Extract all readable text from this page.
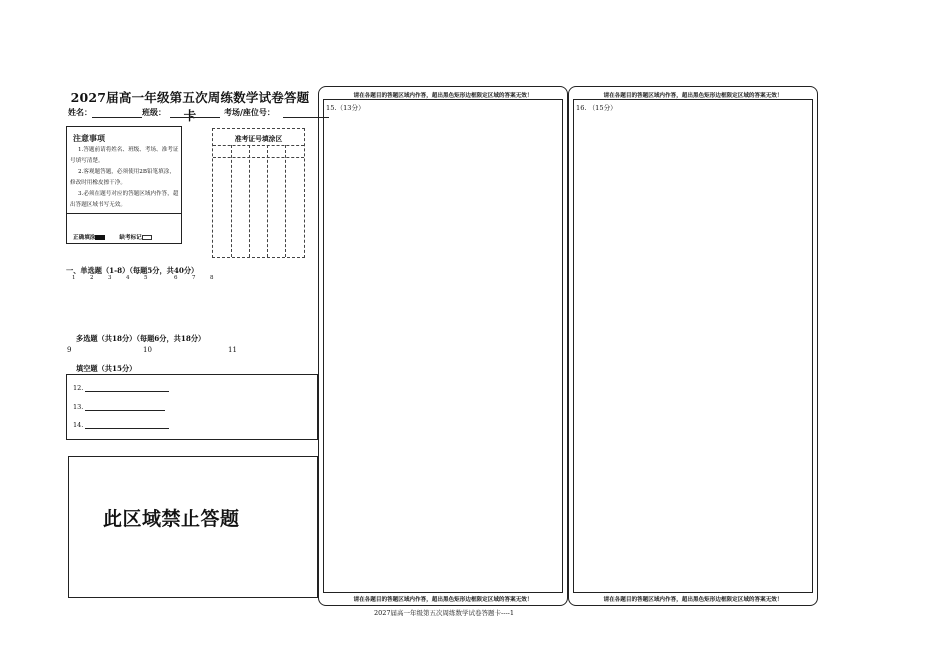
2027届高一年级第五次周练数学试卷答题卡
姓名：	班级：	考场/座位号：
注意事项
1.答题前请将姓名、班级、考场、准考证号填写清楚。
2.客观题答题，必须使用2B铅笔填涂，修改时用橡皮擦干净。
3.必须在题号对应的答题区域内作答，超出答题区域书写无效。
正确填涂	缺考标记
准考证号填涂区
一、单选题（1-8）（每题5分，共40分）
1	2	3	4	5	6	7	8
多选题（共18分）（每题6分，共18分）
9	10	11
填空题（共15分）
12.
13.
14.
此区域禁止答题
请在各题目的答题区域内作答，超出黑色矩形边框限定区域的答案无效！
15.（13分）
请在各题目的答题区域内作答，超出黑色矩形边框限定区域的答案无效！
请在各题目的答题区域内作答，超出黑色矩形边框限定区域的答案无效！
16. （15分）
请在各题目的答题区域内作答，超出黑色矩形边框限定区域的答案无效！
2027届高一年级第五次周练数学试卷答题卡----1
